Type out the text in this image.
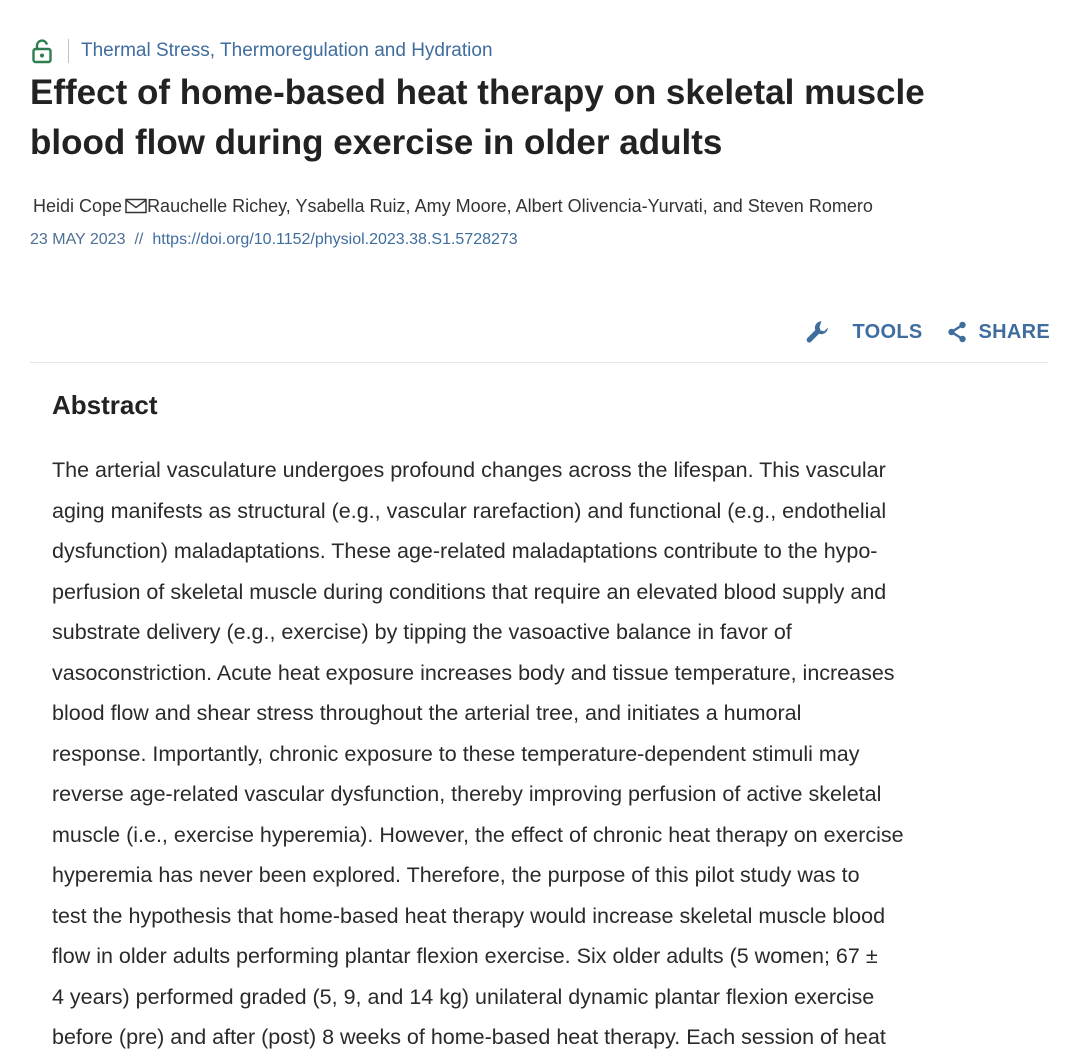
Thermal Stress, Thermoregulation and Hydration
Effect of home-based heat therapy on skeletal muscle
blood flow during exercise in older adults
Heidi Cope Rauchelle Richey, Ysabella Ruiz, Amy Moore, Albert Olivencia-Yurvati, and Steven Romero
23 MAY 2023 // https://doi.org/10.1152/physiol.2023.38.S1.5728273
TOOLS	SHARE
Abstract

The arterial vasculature undergoes profound changes across the lifespan. This vascular
aging manifests as structural (e.g., vascular rarefaction) and functional (e.g., endothelial
dysfunction) maladaptations. These age-related maladaptations contribute to the hypo-
perfusion of skeletal muscle during conditions that require an elevated blood supply and
substrate delivery (e.g., exercise) by tipping the vasoactive balance in favor of
vasoconstriction. Acute heat exposure increases body and tissue temperature, increases
blood flow and shear stress throughout the arterial tree, and initiates a humoral
response. Importantly, chronic exposure to these temperature-dependent stimuli may
reverse age-related vascular dysfunction, thereby improving perfusion of active skeletal
muscle (i.e., exercise hyperemia). However, the effect of chronic heat therapy on exercise
hyperemia has never been explored. Therefore, the purpose of this pilot study was to
test the hypothesis that home-based heat therapy would increase skeletal muscle blood
flow in older adults performing plantar flexion exercise. Six older adults (5 women; 67 ±
4 years) performed graded (5, 9, and 14 kg) unilateral dynamic plantar flexion exercise
before (pre) and after (post) 8 weeks of home-based heat therapy. Each session of heat
